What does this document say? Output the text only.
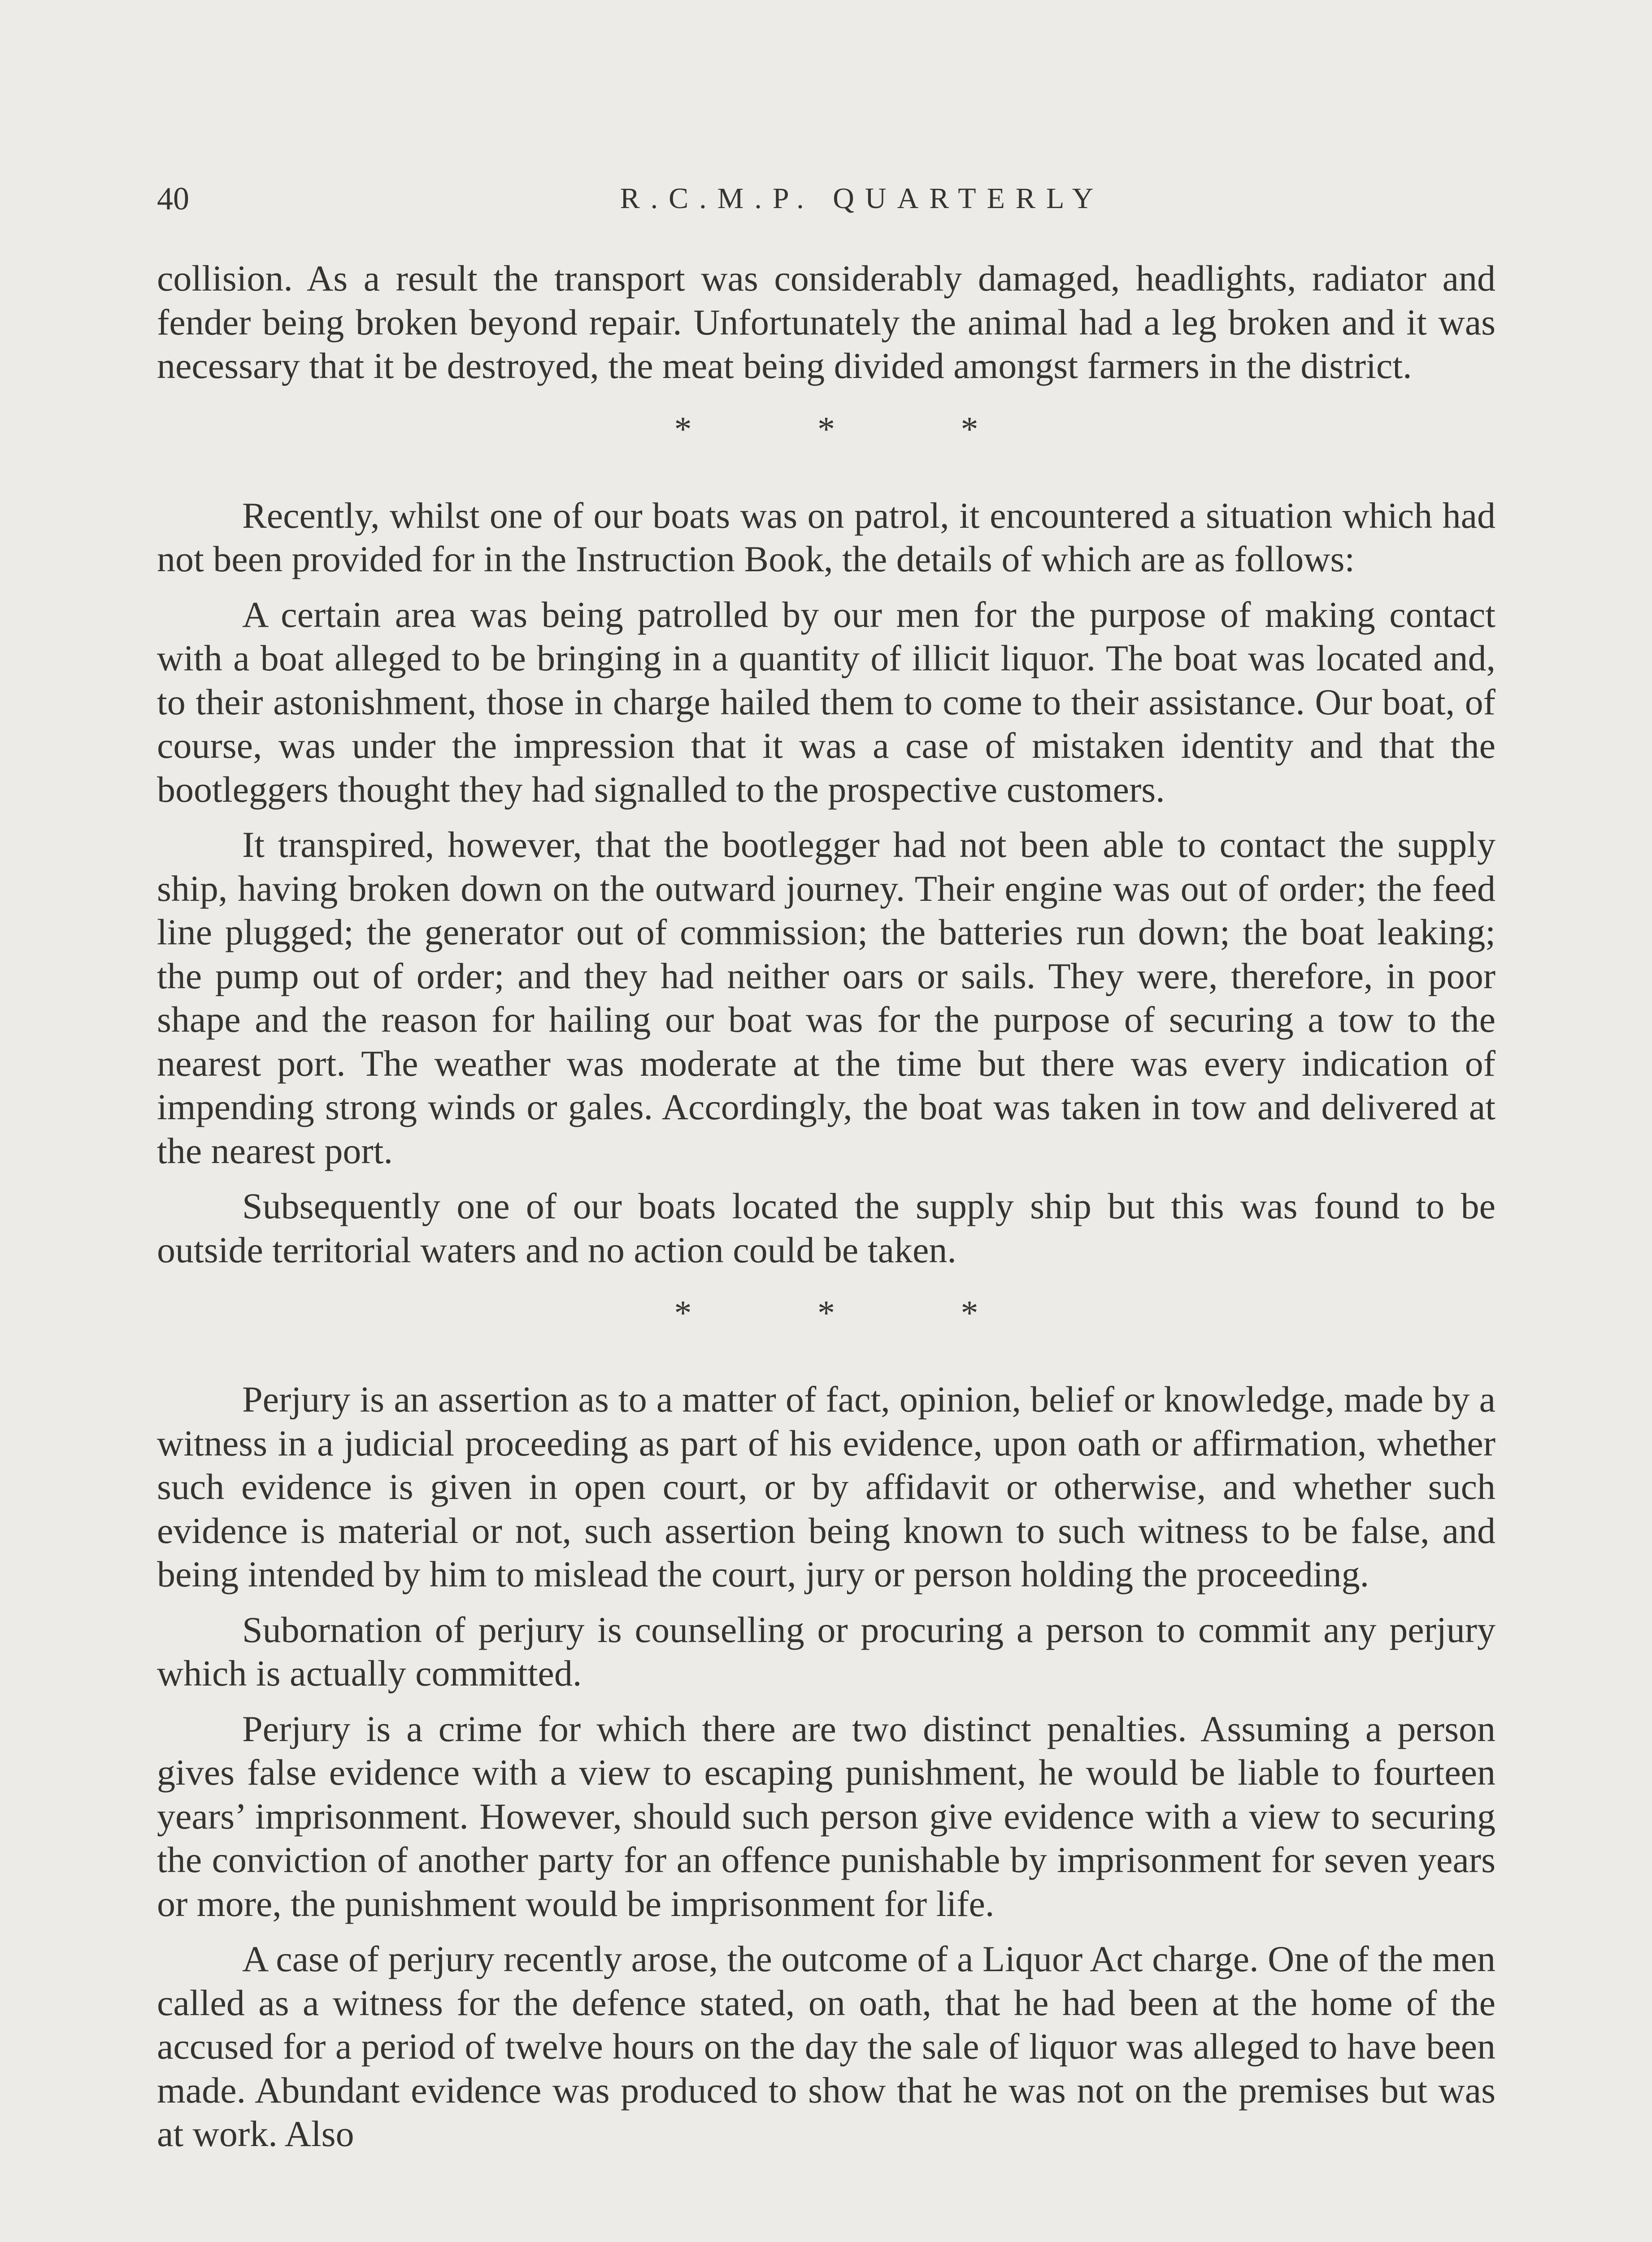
40	R.C.M.P. QUARTERLY

collision. As a result the transport was considerably damaged, headlights, radiator and fender being broken beyond repair. Unfortunately the animal had a leg broken and it was necessary that it be destroyed, the meat being divided amongst farmers in the district.

*	*	*

Recently, whilst one of our boats was on patrol, it encountered a situation which had not been provided for in the Instruction Book, the details of which are as follows:

A certain area was being patrolled by our men for the purpose of making contact with a boat alleged to be bringing in a quantity of illicit liquor. The boat was located and, to their astonishment, those in charge hailed them to come to their assistance. Our boat, of course, was under the impression that it was a case of mistaken identity and that the bootleggers thought they had signalled to the prospective customers.

It transpired, however, that the bootlegger had not been able to contact the supply ship, having broken down on the outward journey. Their engine was out of order; the feed line plugged; the generator out of commission; the batteries run down; the boat leaking; the pump out of order; and they had neither oars or sails. They were, therefore, in poor shape and the reason for hailing our boat was for the purpose of securing a tow to the nearest port. The weather was moderate at the time but there was every indication of impending strong winds or gales. Accordingly, the boat was taken in tow and delivered at the nearest port.

Subsequently one of our boats located the supply ship but this was found to be outside territorial waters and no action could be taken.

*	*	*

Perjury is an assertion as to a matter of fact, opinion, belief or knowledge, made by a witness in a judicial proceeding as part of his evidence, upon oath or affirmation, whether such evidence is given in open court, or by affidavit or otherwise, and whether such evidence is material or not, such assertion being known to such witness to be false, and being intended by him to mislead the court, jury or person holding the proceeding.

Subornation of perjury is counselling or procuring a person to commit any perjury which is actually committed.

Perjury is a crime for which there are two distinct penalties. Assuming a person gives false evidence with a view to escaping punishment, he would be liable to fourteen years’ imprisonment. However, should such person give evidence with a view to securing the conviction of another party for an offence punishable by imprisonment for seven years or more, the punishment would be imprisonment for life.

A case of perjury recently arose, the outcome of a Liquor Act charge. One of the men called as a witness for the defence stated, on oath, that he had been at the home of the accused for a period of twelve hours on the day the sale of liquor was alleged to have been made. Abundant evidence was produced to show that he was not on the premises but was at work. Also
